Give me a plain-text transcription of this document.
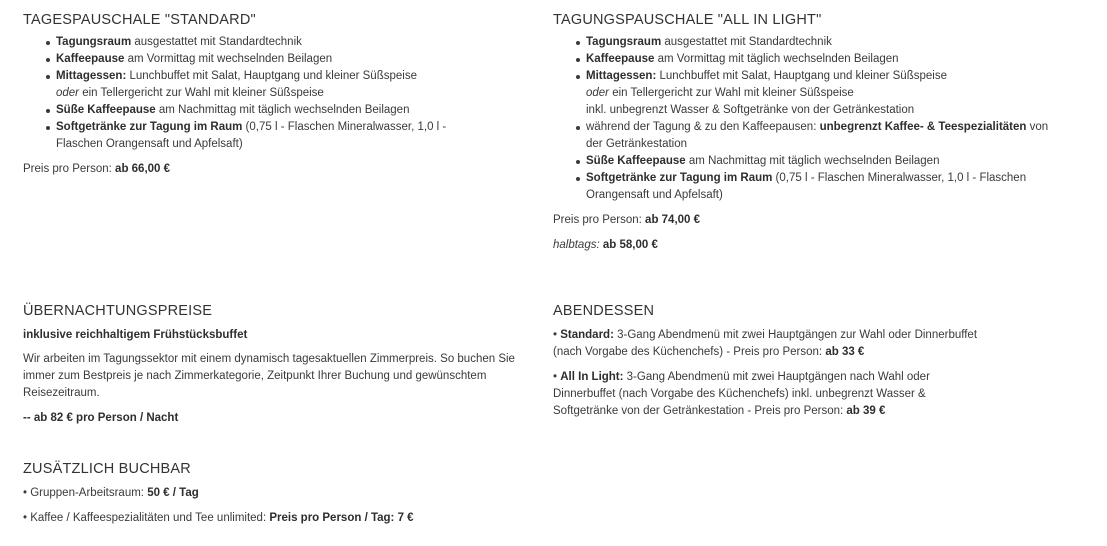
TAGESPAUSCHALE "STANDARD"
Tagungsraum ausgestattet mit Standardtechnik
Kaffeepause am Vormittag mit wechselnden Beilagen
Mittagessen: Lunchbuffet mit Salat, Hauptgang und kleiner Süßspeise
oder ein Tellergericht zur Wahl mit kleiner Süßspeise
Süße Kaffeepause am Nachmittag mit täglich wechselnden Beilagen
Softgetränke zur Tagung im Raum (0,75 l - Flaschen Mineralwasser, 1,0 l - Flaschen Orangensaft und Apfelsaft)

Preis pro Person: ab 66,00 €

TAGUNGSPAUSCHALE "ALL IN LIGHT"
Tagungsraum ausgestattet mit Standardtechnik
Kaffeepause am Vormittag mit täglich wechselnden Beilagen
Mittagessen: Lunchbuffet mit Salat, Hauptgang und kleiner Süßspeise
oder ein Tellergericht zur Wahl mit kleiner Süßspeise
inkl. unbegrenzt Wasser & Softgetränke von der Getränkestation
während der Tagung & zu den Kaffeepausen: unbegrenzt Kaffee- & Teespezialitäten von der Getränkestation
Süße Kaffeepause am Nachmittag mit täglich wechselnden Beilagen
Softgetränke zur Tagung im Raum (0,75 l - Flaschen Mineralwasser, 1,0 l - Flaschen Orangensaft und Apfelsaft)

Preis pro Person: ab 74,00 €

halbtags: ab 58,00 €

ÜBERNACHTUNGSPREISE

inklusive reichhaltigem Frühstücksbuffet

Wir arbeiten im Tagungssektor mit einem dynamisch tagesaktuellen Zimmerpreis. So buchen Sie immer zum Bestpreis je nach Zimmerkategorie, Zeitpunkt Ihrer Buchung und gewünschtem Reisezeitraum.

-- ab 82 € pro Person / Nacht

ZUSÄTZLICH BUCHBAR

• Gruppen-Arbeitsraum: 50 € / Tag

• Kaffee / Kaffeespezialitäten und Tee unlimited: Preis pro Person / Tag: 7 €

ABENDESSEN

• Standard: 3-Gang Abendmenü mit zwei Hauptgängen zur Wahl oder Dinnerbuffet (nach Vorgabe des Küchenchefs) - Preis pro Person: ab 33 €

• All In Light: 3-Gang Abendmenü mit zwei Hauptgängen nach Wahl oder Dinnerbuffet (nach Vorgabe des Küchenchefs) inkl. unbegrenzt Wasser & Softgetränke von der Getränkestation - Preis pro Person: ab 39 €
